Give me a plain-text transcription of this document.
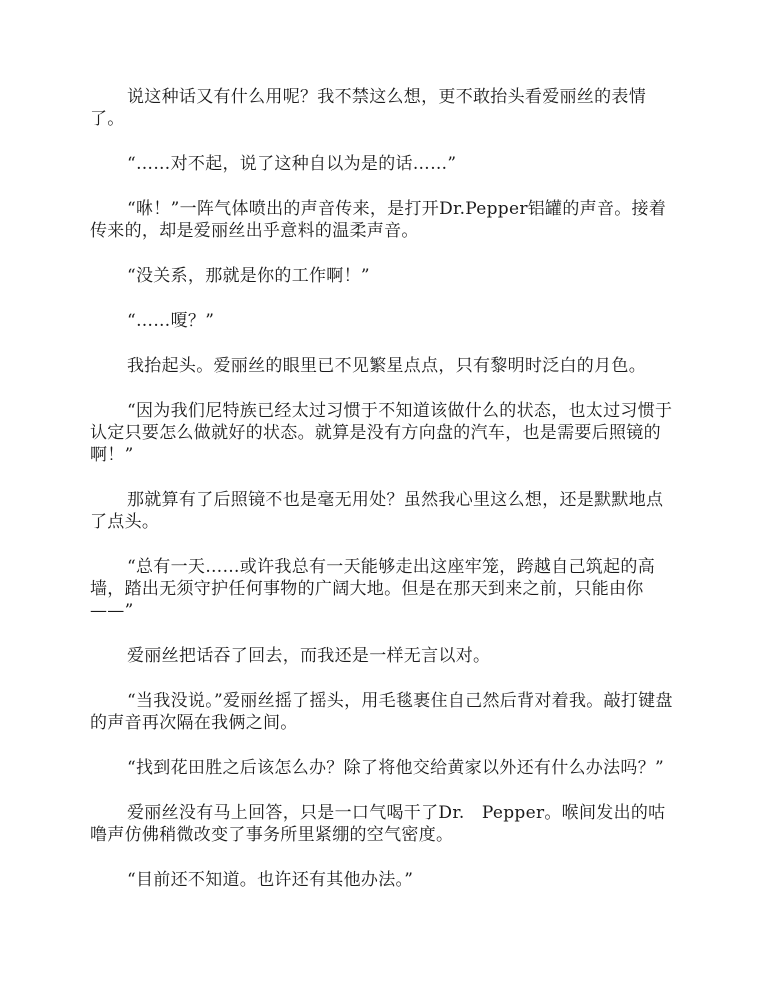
说这种话又有什么用呢？我不禁这么想，更不敢抬头看爱丽丝的表情了。

“……对不起，说了这种自以为是的话……”

“咻！”一阵气体喷出的声音传来，是打开Dr.Pepper铝罐的声音。接着传来的，却是爱丽丝出乎意料的温柔声音。

“没关系，那就是你的工作啊！”

“……嗄？”

我抬起头。爱丽丝的眼里已不见繁星点点，只有黎明时泛白的月色。

“因为我们尼特族已经太过习惯于不知道该做什么的状态，也太过习惯于认定只要怎么做就好的状态。就算是没有方向盘的汽车，也是需要后照镜的啊！”

那就算有了后照镜不也是毫无用处？虽然我心里这么想，还是默默地点了点头。

“总有一天……或许我总有一天能够走出这座牢笼，跨越自己筑起的高墙，踏出无须守护任何事物的广阔大地。但是在那天到来之前，只能由你——”

爱丽丝把话吞了回去，而我还是一样无言以对。

“当我没说。”爱丽丝摇了摇头，用毛毯裹住自己然后背对着我。敲打键盘的声音再次隔在我俩之间。

“找到花田胜之后该怎么办？除了将他交给黄家以外还有什么办法吗？”

爱丽丝没有马上回答，只是一口气喝干了Dr.　Pepper。喉间发出的咕噜声仿佛稍微改变了事务所里紧绷的空气密度。

“目前还不知道。也许还有其他办法。”
